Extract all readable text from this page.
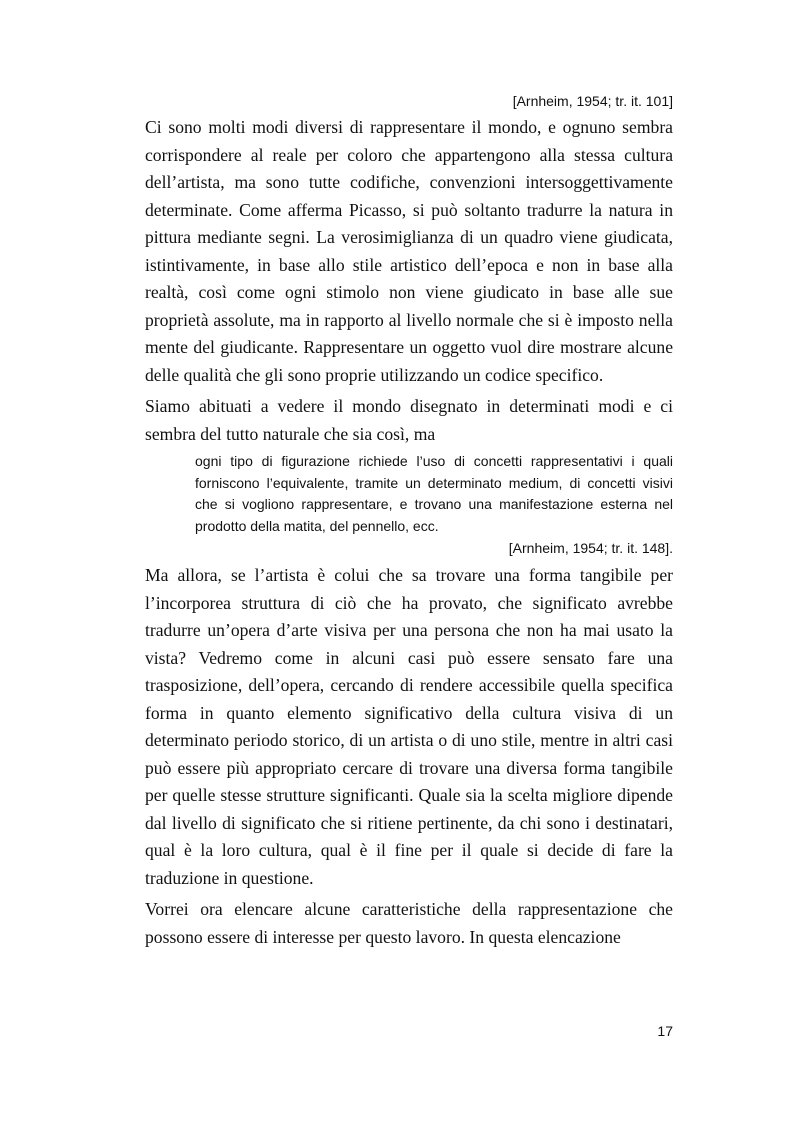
[Arnheim, 1954; tr. it. 101]

Ci sono molti modi diversi di rappresentare il mondo, e ognuno sembra corrispondere al reale per coloro che appartengono alla stessa cultura dell’artista, ma sono tutte codifiche, convenzioni intersoggettivamente determinate. Come afferma Picasso, si può soltanto tradurre la natura in pittura mediante segni. La verosimiglianza di un quadro viene giudicata, istintivamente, in base allo stile artistico dell’epoca e non in base alla realtà, così come ogni stimolo non viene giudicato in base alle sue proprietà assolute, ma in rapporto al livello normale che si è imposto nella mente del giudicante. Rappresentare un oggetto vuol dire mostrare alcune delle qualità che gli sono proprie utilizzando un codice specifico.

Siamo abituati a vedere il mondo disegnato in determinati modi e ci sembra del tutto naturale che sia così, ma

ogni tipo di figurazione richiede l’uso di concetti rappresentativi i quali forniscono l’equivalente, tramite un determinato medium, di concetti visivi che si vogliono rappresentare, e trovano una manifestazione esterna nel prodotto della matita, del pennello, ecc.

[Arnheim, 1954; tr. it. 148].

Ma allora, se l’artista è colui che sa trovare una forma tangibile per l’incorporea struttura di ciò che ha provato, che significato avrebbe tradurre un’opera d’arte visiva per una persona che non ha mai usato la vista? Vedremo come in alcuni casi può essere sensato fare una trasposizione, dell’opera, cercando di rendere accessibile quella specifica forma in quanto elemento significativo della cultura visiva di un determinato periodo storico, di un artista o di uno stile, mentre in altri casi può essere più appropriato cercare di trovare una diversa forma tangibile per quelle stesse strutture significanti. Quale sia la scelta migliore dipende dal livello di significato che si ritiene pertinente, da chi sono i destinatari, qual è la loro cultura, qual è il fine per il quale si decide di fare la traduzione in questione.

Vorrei ora elencare alcune caratteristiche della rappresentazione che possono essere di interesse per questo lavoro. In questa elencazione

17
